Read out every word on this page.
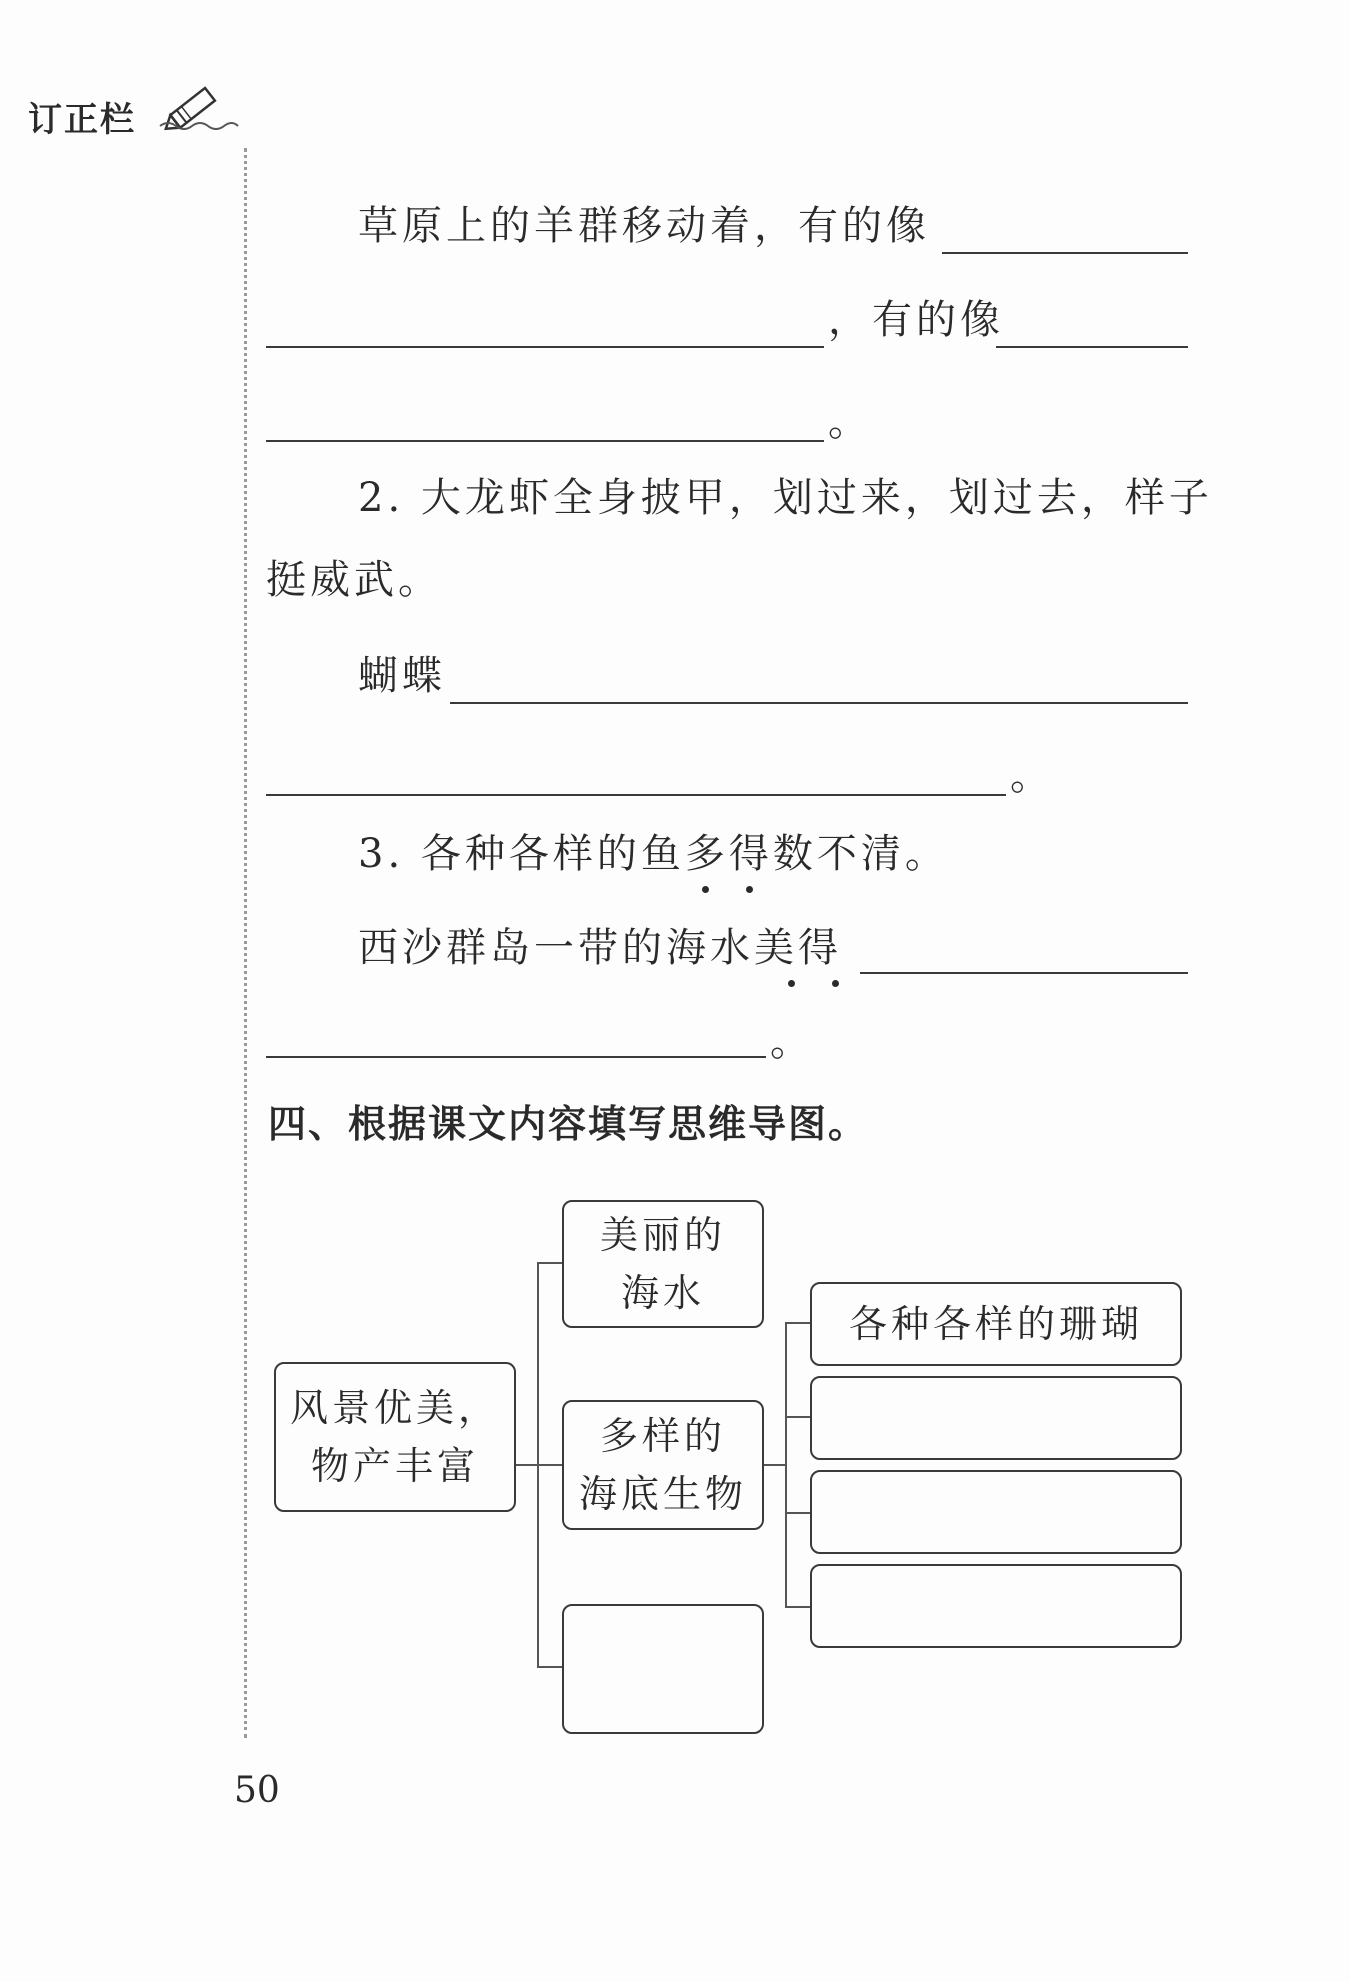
订正栏
草原上的羊群移动着，有的像
，有的像
。
2. 大龙虾全身披甲，划过来，划过去，样子
挺威武。
蝴蝶
。
3. 各种各样的鱼多得数不清。
西沙群岛一带的海水美得
。
四、根据课文内容填写思维导图。
风景优美，
物产丰富
美丽的
海水
多样的
海底生物
各种各样的珊瑚
50
